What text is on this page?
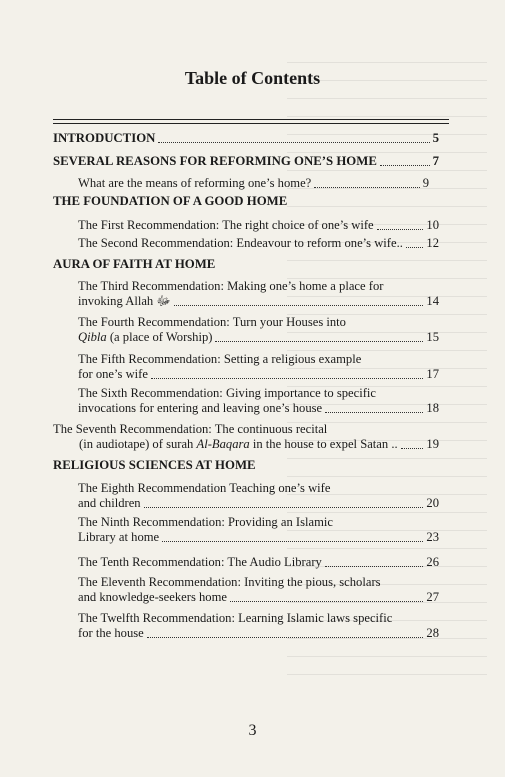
Table of Contents
INTRODUCTION	5
SEVERAL REASONS FOR REFORMING ONE’S HOME	7
What are the means of reforming one’s home?	9
THE FOUNDATION OF A GOOD HOME
The First Recommendation: The right choice of one’s wife	10
The Second Recommendation: Endeavour to reform one’s wife.. 12
AURA OF FAITH AT HOME
The Third Recommendation: Making one’s home a place for
invoking Allah ﷻ	14
The Fourth Recommendation: Turn your Houses into
Qibla (a place of Worship)	15
The Fifth Recommendation: Setting a religious example
for one’s wife	17
The Sixth Recommendation: Giving importance to specific
invocations for entering and leaving one’s house	18
The Seventh Recommendation: The continuous recital
(in audiotape) of surah Al-Baqara in the house to expel Satan .. 19
RELIGIOUS SCIENCES AT HOME
The Eighth Recommendation Teaching one’s wife
and children	20
The Ninth Recommendation: Providing an Islamic
Library at home	23
The Tenth Recommendation: The Audio Library	26
The Eleventh Recommendation: Inviting the pious, scholars
and knowledge-seekers home	27
The Twelfth Recommendation: Learning Islamic laws specific
for the house	28
3
